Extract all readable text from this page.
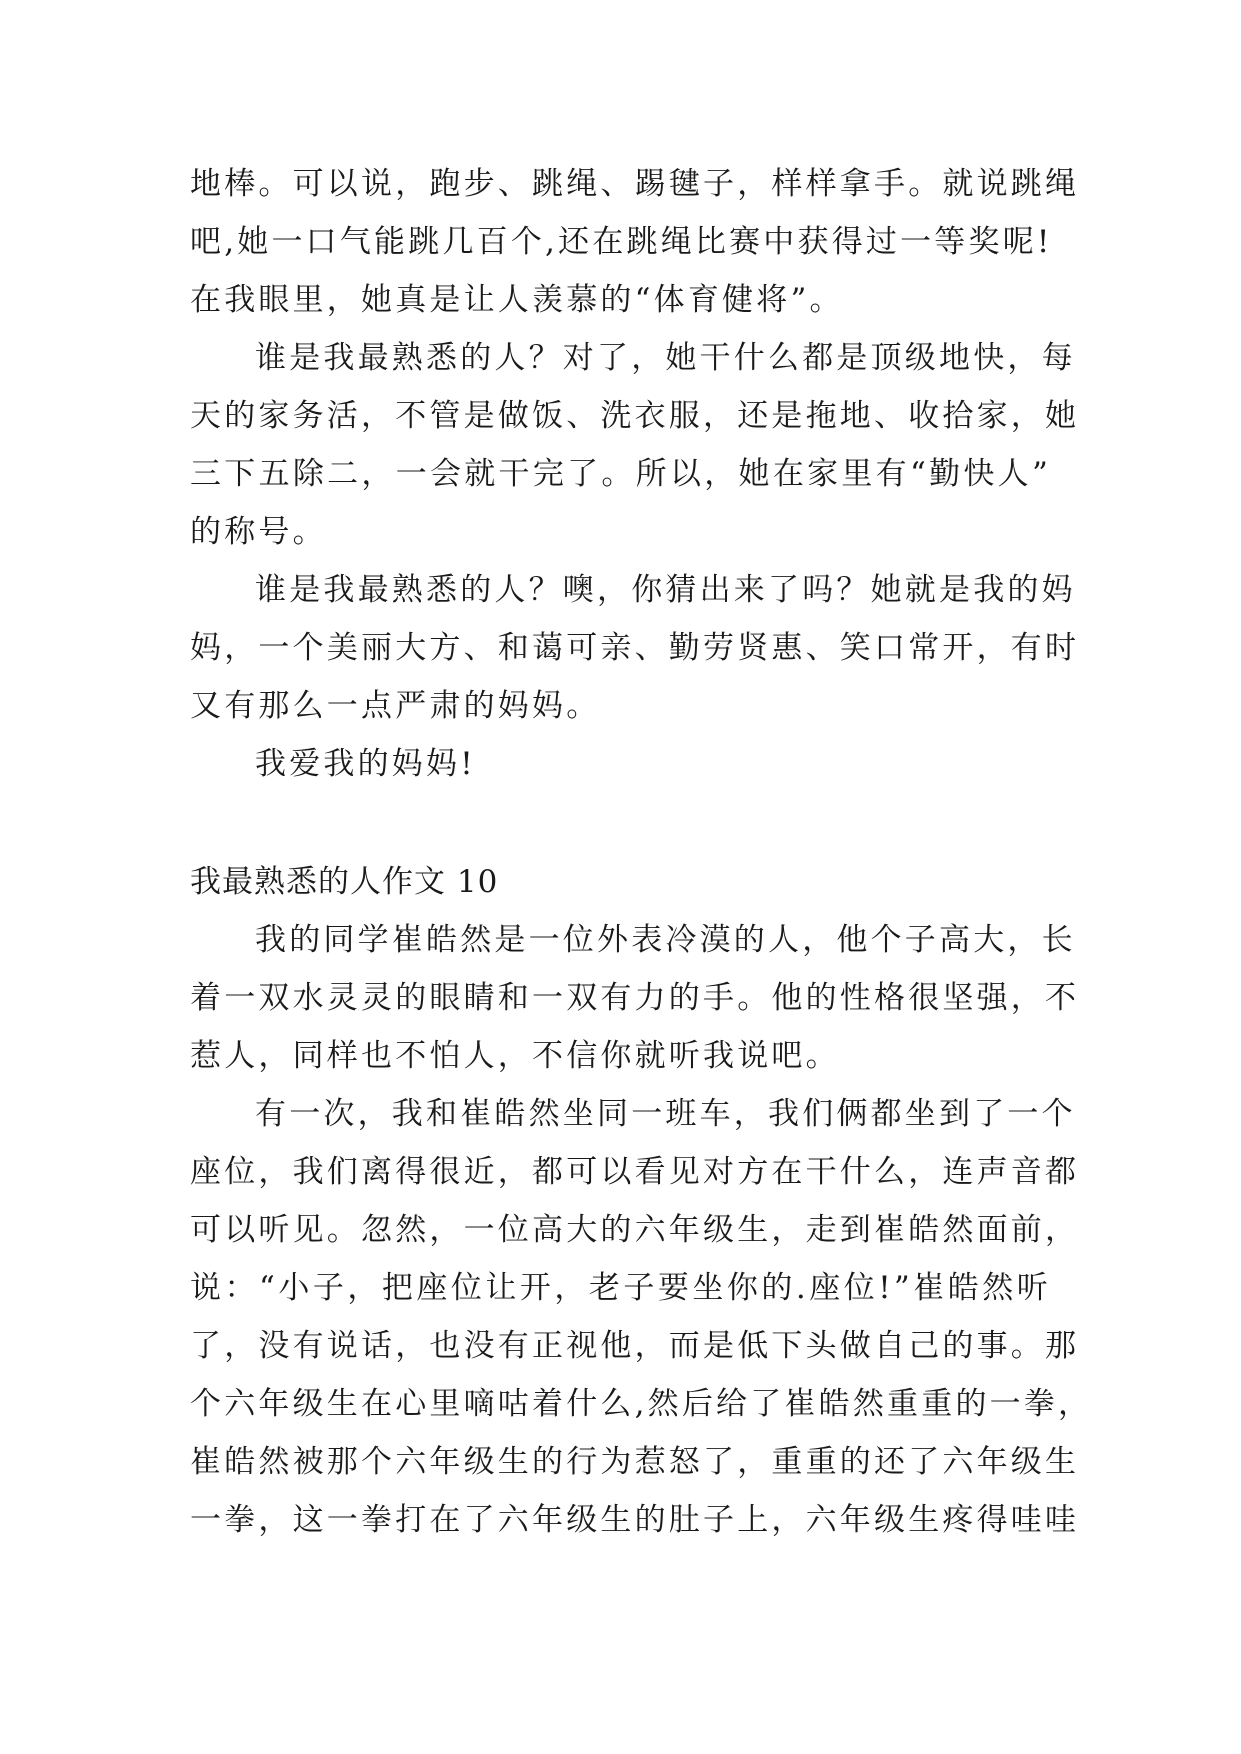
地棒。可以说，跑步、跳绳、踢毽子，样样拿手。就说跳绳
吧,她一口气能跳几百个,还在跳绳比赛中获得过一等奖呢!
在我眼里，她真是让人羡慕的“体育健将”。
谁是我最熟悉的人？对了，她干什么都是顶级地快，每
天的家务活，不管是做饭、洗衣服，还是拖地、收拾家，她
三下五除二，一会就干完了。所以，她在家里有“勤快人”
的称号。
谁是我最熟悉的人？噢，你猜出来了吗？她就是我的妈
妈，一个美丽大方、和蔼可亲、勤劳贤惠、笑口常开，有时
又有那么一点严肃的妈妈。
我爱我的妈妈!
我最熟悉的人作文 10
我的同学崔皓然是一位外表冷漠的人，他个子高大，长
着一双水灵灵的眼睛和一双有力的手。他的性格很坚强，不
惹人，同样也不怕人，不信你就听我说吧。
有一次，我和崔皓然坐同一班车，我们俩都坐到了一个
座位，我们离得很近，都可以看见对方在干什么，连声音都
可以听见。忽然，一位高大的六年级生，走到崔皓然面前，
说：“小子，把座位让开，老子要坐你的.座位!”崔皓然听
了，没有说话，也没有正视他，而是低下头做自己的事。那
个六年级生在心里嘀咕着什么,然后给了崔皓然重重的一拳，
崔皓然被那个六年级生的行为惹怒了，重重的还了六年级生
一拳，这一拳打在了六年级生的肚子上，六年级生疼得哇哇
